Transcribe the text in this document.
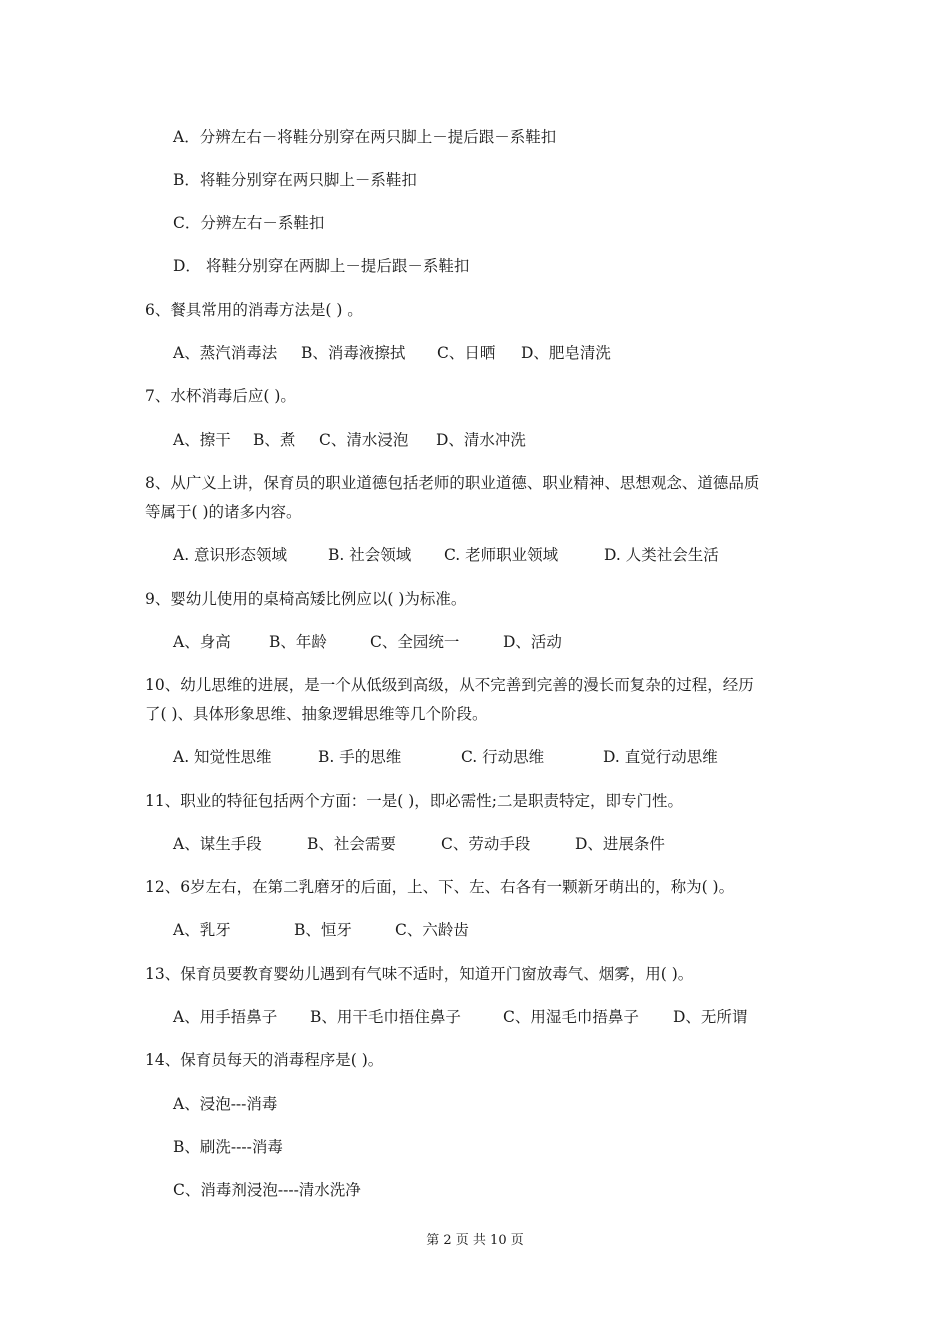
A．分辨左右－将鞋分别穿在两只脚上－提后跟－系鞋扣
B．将鞋分别穿在两只脚上－系鞋扣
C．分辨左右－系鞋扣
D． 将鞋分别穿在两脚上－提后跟－系鞋扣
6、餐具常用的消毒方法是( ) 。
A、蒸汽消毒法 B、消毒液擦拭 C、日晒 D、肥皂清洗
7、水杯消毒后应( )。
A、擦干 B、煮 C、清水浸泡 D、清水冲洗
8、从广义上讲，保育员的职业道德包括老师的职业道德、职业精神、思想观念、道德品质
等属于( )的诸多内容。
A. 意识形态领域	B. 社会领域 C. 老师职业领域	D. 人类社会生活
9、婴幼儿使用的桌椅高矮比例应以( )为标准。
A、身高 B、年龄	C、全园统一	D、活动
10、幼儿思维的进展，是一个从低级到高级，从不完善到完善的漫长而复杂的过程，经历
了( )、具体形象思维、抽象逻辑思维等几个阶段。
A. 知觉性思维	B. 手的思维	C. 行动思维	D. 直觉行动思维
11、职业的特征包括两个方面：一是( )，即必需性;二是职责特定，即专门性。
A、谋生手段	B、社会需要	C、劳动手段	D、进展条件
12、6岁左右，在第二乳磨牙的后面，上、下、左、右各有一颗新牙萌出的，称为( )。
A、乳牙	B、恒牙	C、六龄齿
13、保育员要教育婴幼儿遇到有气味不适时，知道开门窗放毒气、烟雾，用( )。
A、用手捂鼻子 B、用干毛巾捂住鼻子	C、用湿毛巾捂鼻子 D、无所谓
14、保育员每天的消毒程序是( )。
A、浸泡---消毒
B、刷洗----消毒
C、消毒剂浸泡----清水洗净
第 2 页 共 10 页
